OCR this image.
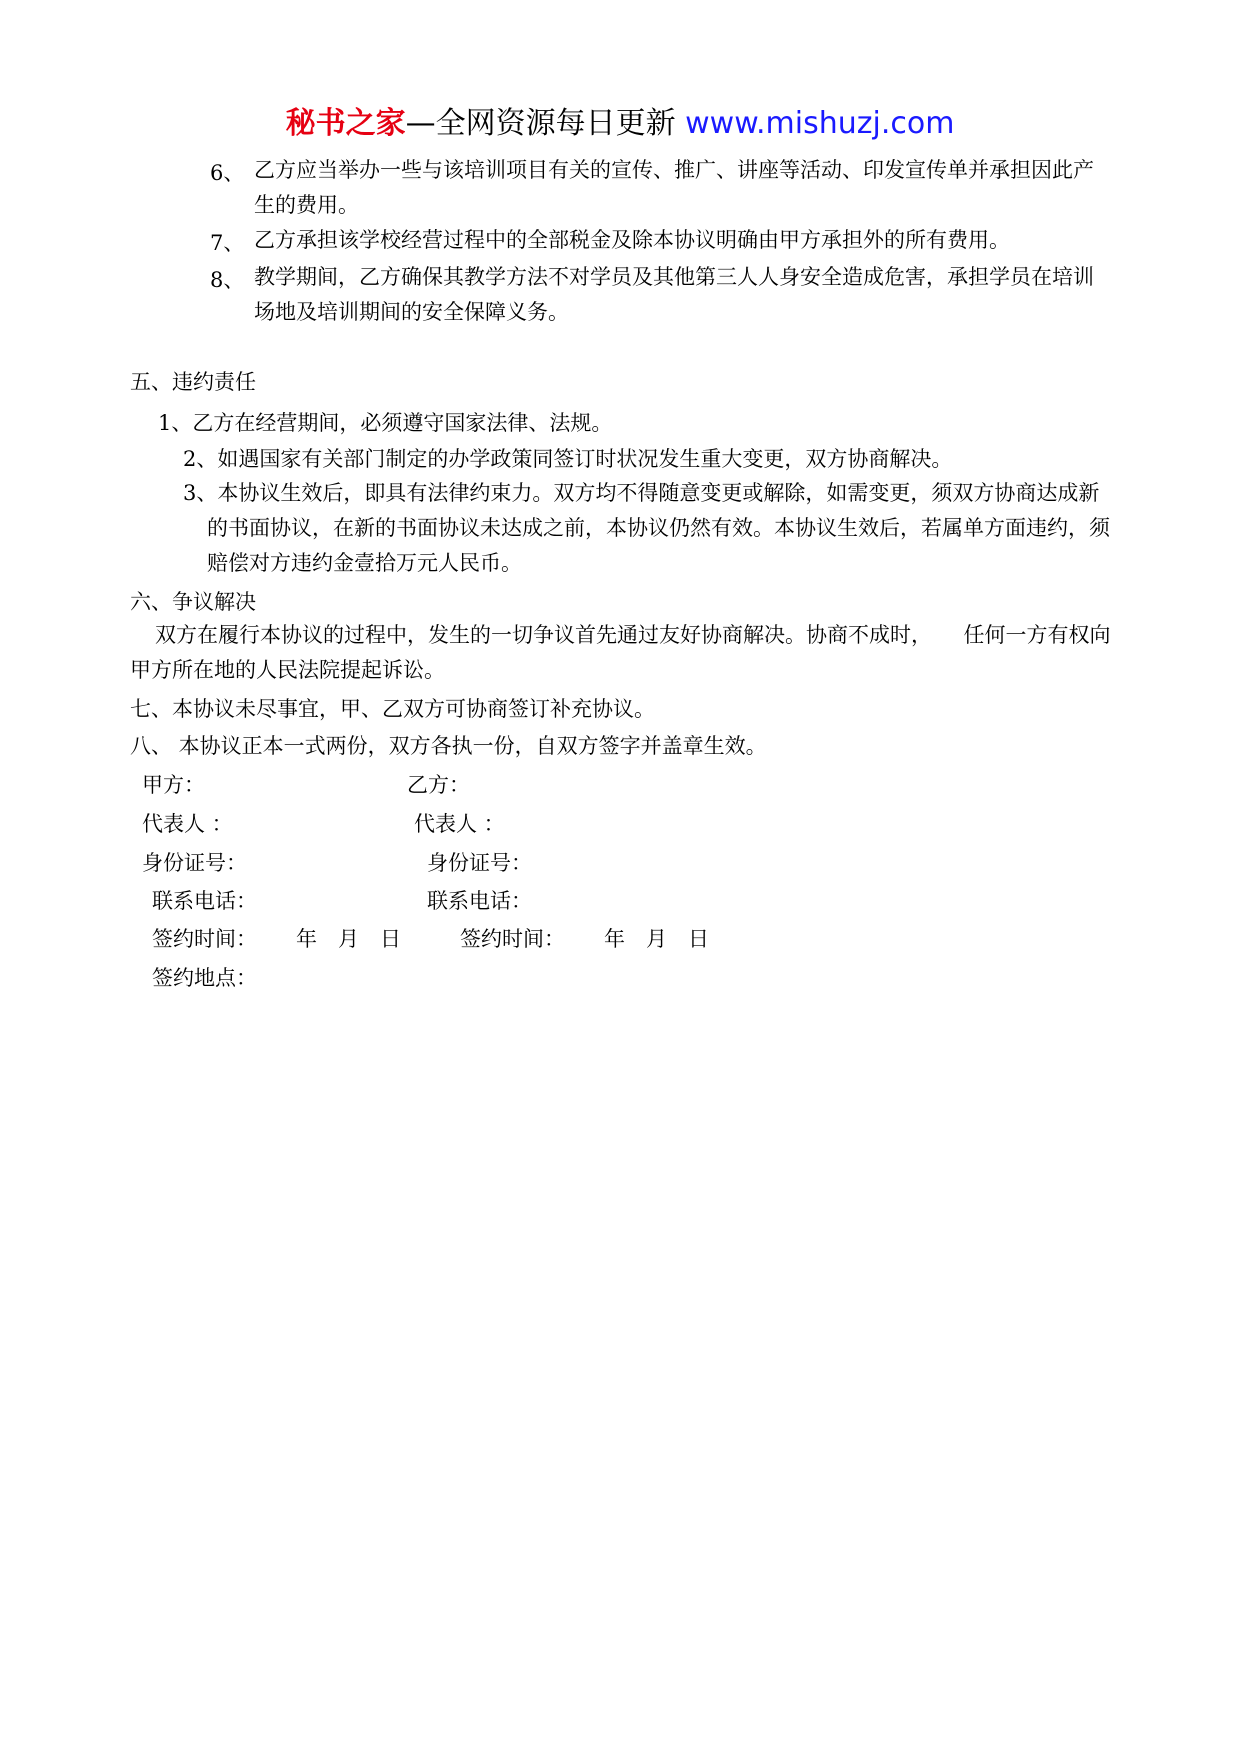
秘书之家—全网资源每日更新 www.mishuzj.com
6、 乙方应当举办一些与该培训项目有关的宣传、推广、讲座等活动、印发宣传单并承担因此产生的费用。
7、 乙方承担该学校经营过程中的全部税金及除本协议明确由甲方承担外的所有费用。
8、 教学期间，乙方确保其教学方法不对学员及其他第三人人身安全造成危害，承担学员在培训场地及培训期间的安全保障义务。
五、违约责任
1、乙方在经营期间，必须遵守国家法律、法规。
2、如遇国家有关部门制定的办学政策同签订时状况发生重大变更，双方协商解决。
3、本协议生效后，即具有法律约束力。双方均不得随意变更或解除，如需变更，须双方协商达成新的书面协议，在新的书面协议未达成之前，本协议仍然有效。本协议生效后，若属单方面违约，须赔偿对方违约金壹拾万元人民币。
六、争议解决
双方在履行本协议的过程中，发生的一切争议首先通过友好协商解决。协商不成时，　　任何一方有权向甲方所在地的人民法院提起诉讼。
七、本协议未尽事宜，甲、乙双方可协商签订补充协议。
八、 本协议正本一式两份，双方各执一份，自双方签字并盖章生效。
甲方：	乙方：
代表人 ：	代表人 ：
身份证号：	身份证号：
联系电话：	联系电话：
签约时间： 年　月　日	签约时间： 年　月　日
签约地点：
